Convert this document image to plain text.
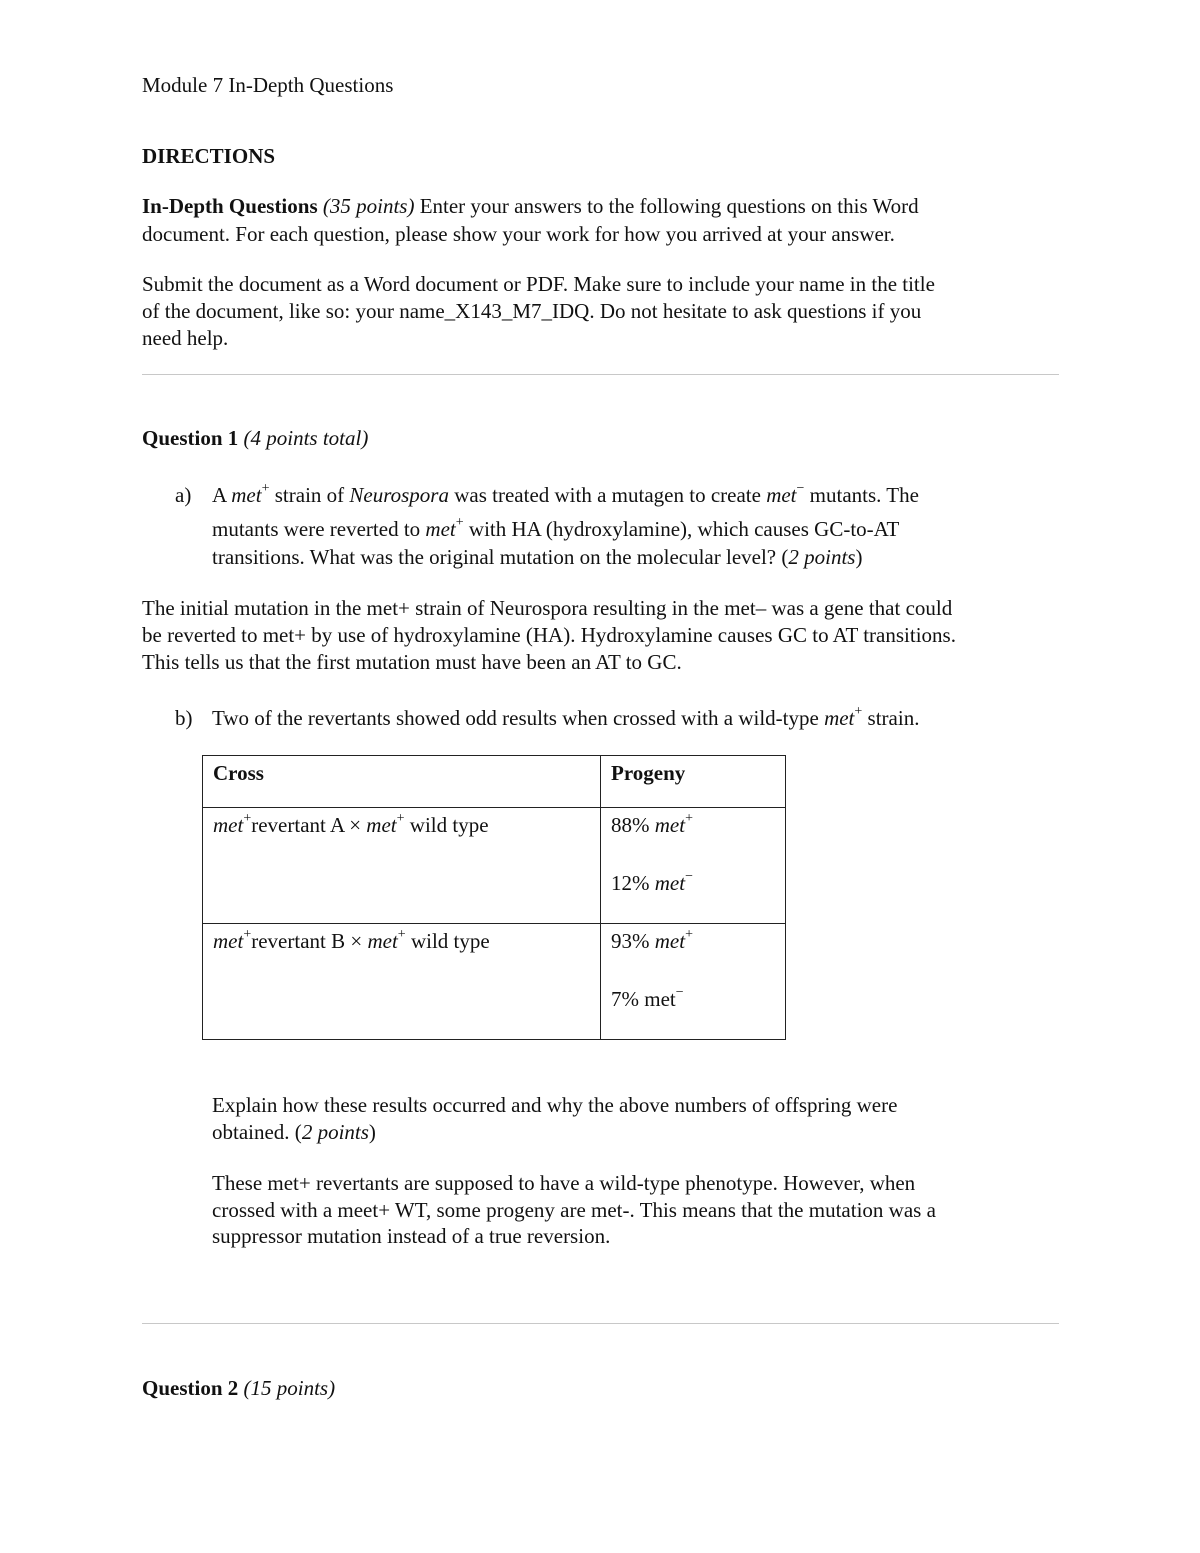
Module 7 In-Depth Questions
DIRECTIONS
In-Depth Questions (35 points) Enter your answers to the following questions on this Word
document. For each question, please show your work for how you arrived at your answer.
Submit the document as a Word document or PDF. Make sure to include your name in the title
of the document, like so: your name_X143_M7_IDQ. Do not hesitate to ask questions if you
need help.
Question 1 (4 points total)
a) A met+ strain of Neurospora was treated with a mutagen to create met− mutants. The
mutants were reverted to met+ with HA (hydroxylamine), which causes GC-to-AT
transitions. What was the original mutation on the molecular level? (2 points)
The initial mutation in the met+ strain of Neurospora resulting in the met– was a gene that could
be reverted to met+ by use of hydroxylamine (HA). Hydroxylamine causes GC to AT transitions.
This tells us that the first mutation must have been an AT to GC.
b) Two of the revertants showed odd results when crossed with a wild-type met+ strain.

Cross	Progeny

met+revertant A × met+ wild type	88% met+

12% met−

met+revertant B × met+ wild type	93% met+

7% met−

Explain how these results occurred and why the above numbers of offspring were
obtained. (2 points)
These met+ revertants are supposed to have a wild-type phenotype. However, when
crossed with a meet+ WT, some progeny are met-. This means that the mutation was a
suppressor mutation instead of a true reversion.
Question 2 (15 points)
